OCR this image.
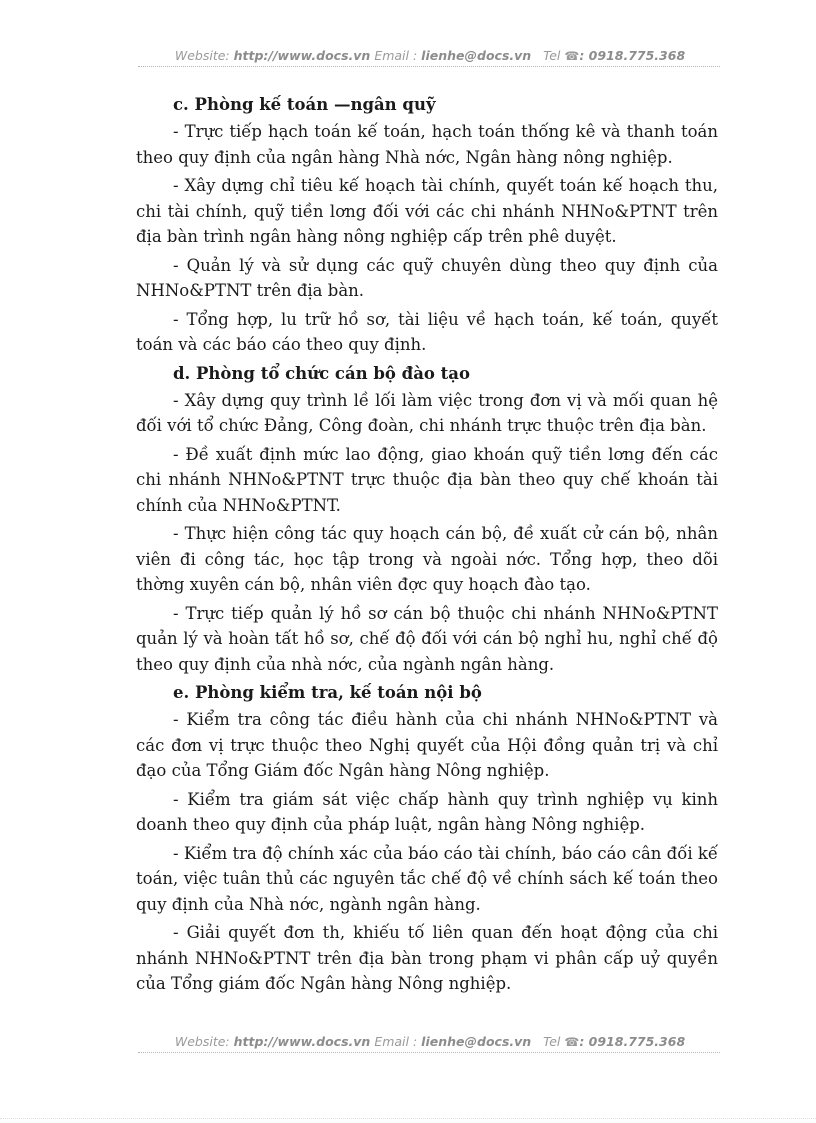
Website: http://www.docs.vn Email : lienhe@docs.vn Tel ☎: 0918.775.368

c. Phòng kế toán —ngân quỹ

- Trực tiếp hạch toán kế toán, hạch toán thống kê và thanh toán theo quy định của ngân hàng Nhà nớc, Ngân hàng nông nghiệp.

- Xây dựng chỉ tiêu kế hoạch tài chính, quyết toán kế hoạch thu, chi tài chính, quỹ tiền lơng đối với các chi nhánh NHNo&PTNT trên địa bàn trình ngân hàng nông nghiệp cấp trên phê duyệt.

- Quản lý và sử dụng các quỹ chuyên dùng theo quy định của NHNo&PTNT trên địa bàn.

- Tổng hợp, lu trữ hồ sơ, tài liệu về hạch toán, kế toán, quyết toán và các báo cáo theo quy định.

d. Phòng tổ chức cán bộ đào tạo

- Xây dựng quy trình lề lối làm việc trong đơn vị và mối quan hệ đối với tổ chức Đảng, Công đoàn, chi nhánh trực thuộc trên địa bàn.

- Đề xuất định mức lao động, giao khoán quỹ tiền lơng đến các chi nhánh NHNo&PTNT trực thuộc địa bàn theo quy chế khoán tài chính của NHNo&PTNT.

- Thực hiện công tác quy hoạch cán bộ, đề xuất cử cán bộ, nhân viên đi công tác, học tập trong và ngoài nớc. Tổng hợp, theo dõi thờng xuyên cán bộ, nhân viên đợc quy hoạch đào tạo.

- Trực tiếp quản lý hồ sơ cán bộ thuộc chi nhánh NHNo&PTNT quản lý và hoàn tất hồ sơ, chế độ đối với cán bộ nghỉ hu, nghỉ chế độ theo quy định của nhà nớc, của ngành ngân hàng.

e. Phòng kiểm tra, kế toán nội bộ

- Kiểm tra công tác điều hành của chi nhánh NHNo&PTNT và các đơn vị trực thuộc theo Nghị quyết của Hội đồng quản trị và chỉ đạo của Tổng Giám đốc Ngân hàng Nông nghiệp.

- Kiểm tra giám sát việc chấp hành quy trình nghiệp vụ kinh doanh theo quy định của pháp luật, ngân hàng Nông nghiệp.

- Kiểm tra độ chính xác của báo cáo tài chính, báo cáo cân đối kế toán, việc tuân thủ các nguyên tắc chế độ về chính sách kế toán theo quy định của Nhà nớc, ngành ngân hàng.

- Giải quyết đơn th, khiếu tố liên quan đến hoạt động của chi nhánh NHNo&PTNT trên địa bàn trong phạm vi phân cấp uỷ quyền của Tổng giám đốc Ngân hàng Nông nghiệp.

Website: http://www.docs.vn Email : lienhe@docs.vn Tel ☎: 0918.775.368
